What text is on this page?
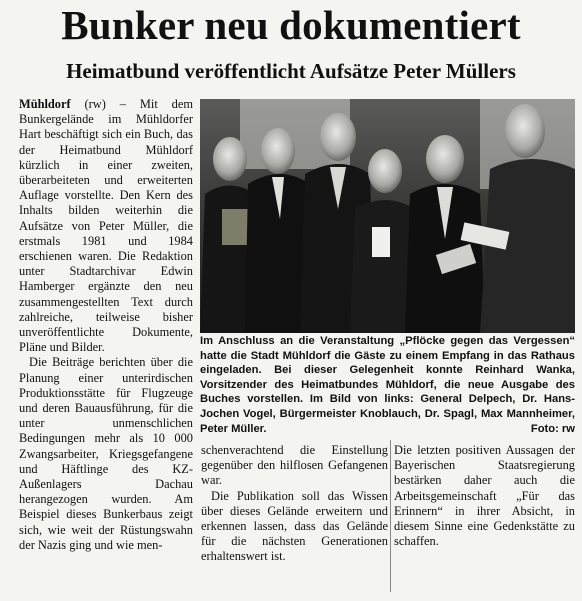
Bunker neu dokumentiert
Heimatbund veröffentlicht Aufsätze Peter Müllers

Mühldorf (rw) – Mit dem Bunkergelände im Mühldorfer Hart beschäftigt sich ein Buch, das der Heimatbund Mühldorf kürzlich in einer zweiten, überarbeiteten und erweiterten Auflage vorstellte. Den Kern des Inhalts bilden weiterhin die Aufsätze von Peter Müller, die erstmals 1981 und 1984 erschienen waren. Die Redaktion unter Stadtarchivar Edwin Hamberger ergänzte den neu zusammengestellten Text durch zahlreiche, teilweise bisher unveröffentlichte Dokumente, Pläne und Bilder.

Die Beiträge berichten über die Planung einer unterirdischen Produktionsstätte für Flugzeuge und deren Bauausführung, für die unter unmenschlichen Bedingungen mehr als 10 000 Zwangsarbeiter, Kriegsgefangene und Häftlinge des KZ-Außenlagers Dachau herangezogen wurden. Am Beispiel dieses Bunkerbaus zeigt sich, wie weit der Rüstungswahn der Nazis ging und wie men-

Im Anschluss an die Veranstaltung „Pflöcke gegen das Vergessen“ hatte die Stadt Mühldorf die Gäste zu einem Empfang in das Rathaus eingeladen. Bei dieser Gelegenheit konnte Reinhard Wanka, Vorsitzender des Heimatbundes Mühldorf, die neue Ausgabe des Buches vorstellen. Im Bild von links: General Delpech, Dr. Hans-Jochen Vogel, Bürgermeister Knoblauch, Dr. Spagl, Max Mannheimer, Peter Müller.	Foto: rw

schenverachtend die Einstellung gegenüber den hilflosen Gefangenen war.

Die Publikation soll das Wissen über dieses Gelände erweitern und erkennen lassen, dass das Gelände für die nächsten Generationen erhaltenswert ist.

Die letzten positiven Aussagen der Bayerischen Staatsregierung bestärken daher auch die Arbeitsgemeinschaft „Für das Erinnern“ in ihrer Absicht, in diesem Sinne eine Gedenkstätte zu schaffen.
